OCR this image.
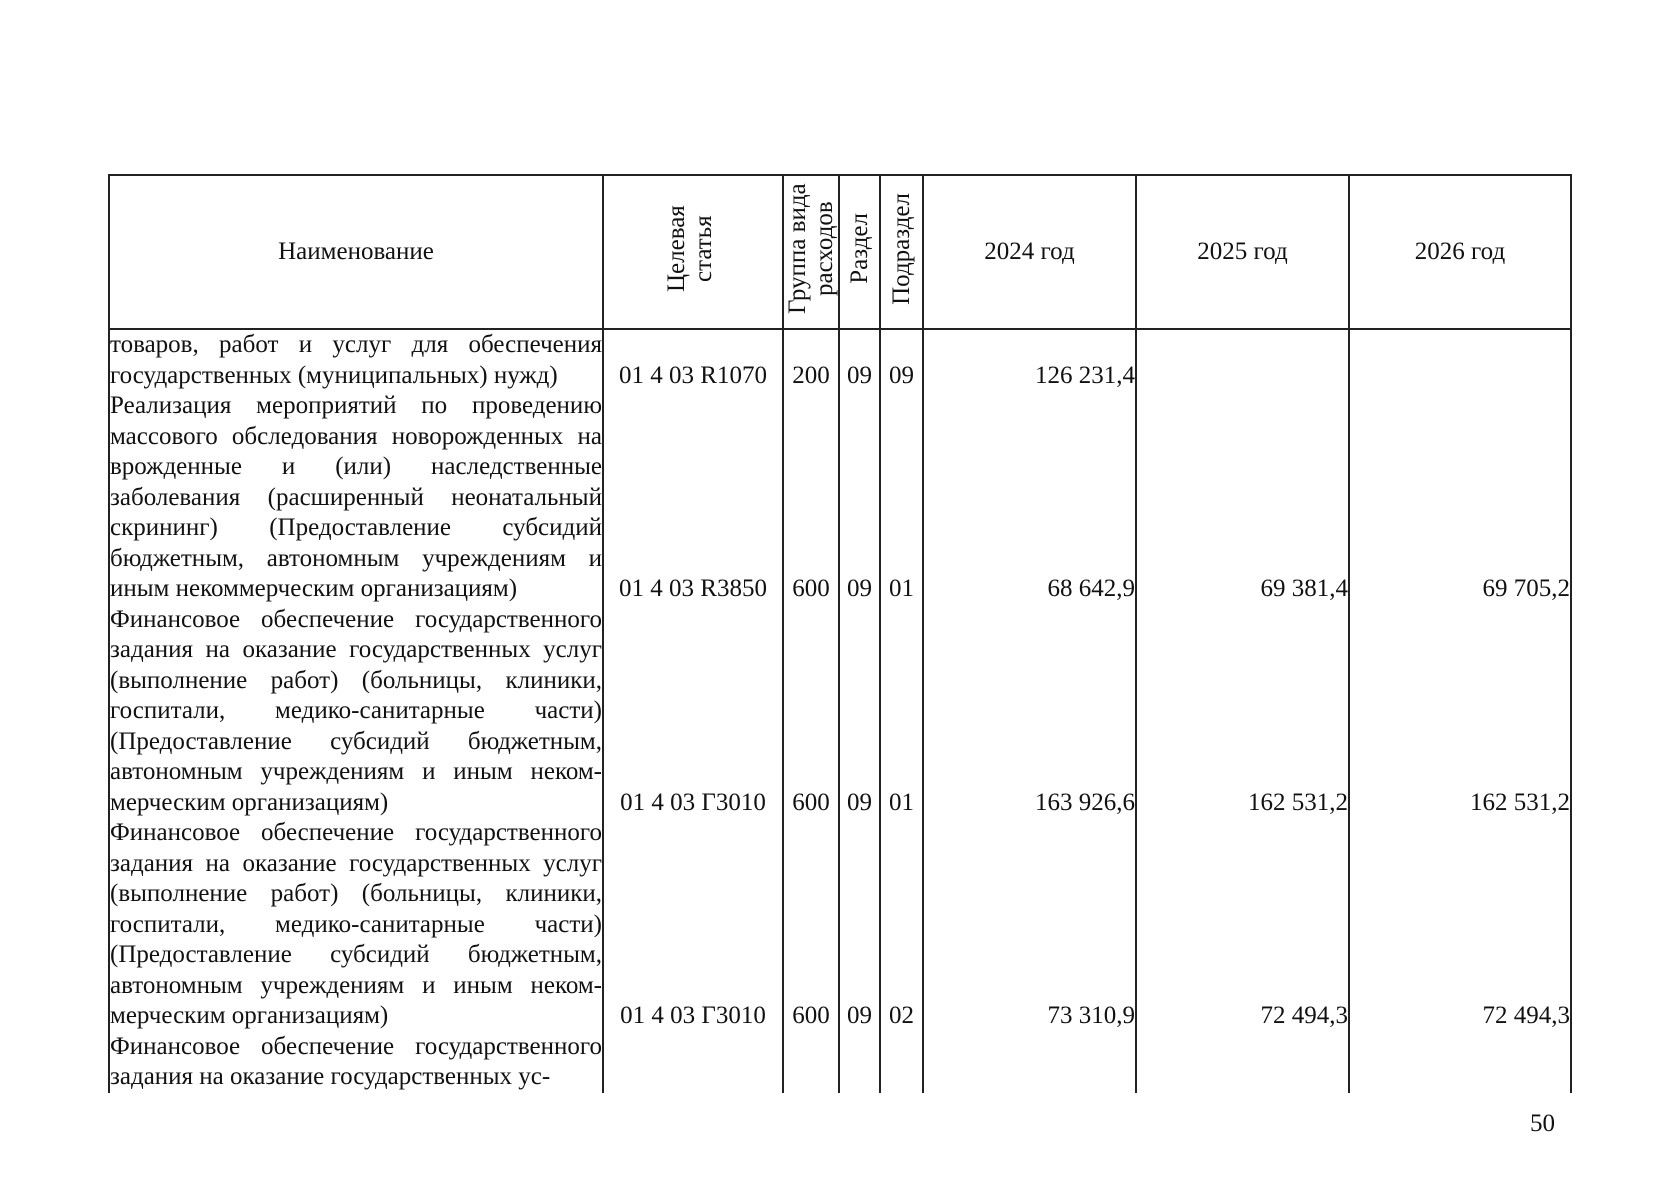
Наименование	Целевая статья	Группа вида расходов	Раздел	Подраздел	2024 год	2025 год	2026 год
товаров, работ и услуг для обеспечения государственных (муниципальных) нужд)	01 4 03 R1070	200	09	09	126 231,4		
Реализация мероприятий по проведению массового обследования новорожденных на врожденные и (или) наследственные заболевания (расширенный неонатальный скрининг) (Предоставление субсидий бюджетным, автономным учреждениям и иным некоммерческим организациям)	01 4 03 R3850	600	09	01	68 642,9	69 381,4	69 705,2
Финансовое обеспечение государственного задания на оказание государственных услуг (выполнение работ) (больницы, клиники, госпитали, медико-санитарные части) (Предоставление субсидий бюджетным, автономным учреждениям и иным некоммерческим организациям)	01 4 03 Г3010	600	09	01	163 926,6	162 531,2	162 531,2
Финансовое обеспечение государственного задания на оказание государственных услуг (выполнение работ) (больницы, клиники, госпитали, медико-санитарные части) (Предоставление субсидий бюджетным, автономным учреждениям и иным некоммерческим организациям)	01 4 03 Г3010	600	09	02	73 310,9	72 494,3	72 494,3
Финансовое обеспечение государственного задания на оказание государственных ус-							
50
